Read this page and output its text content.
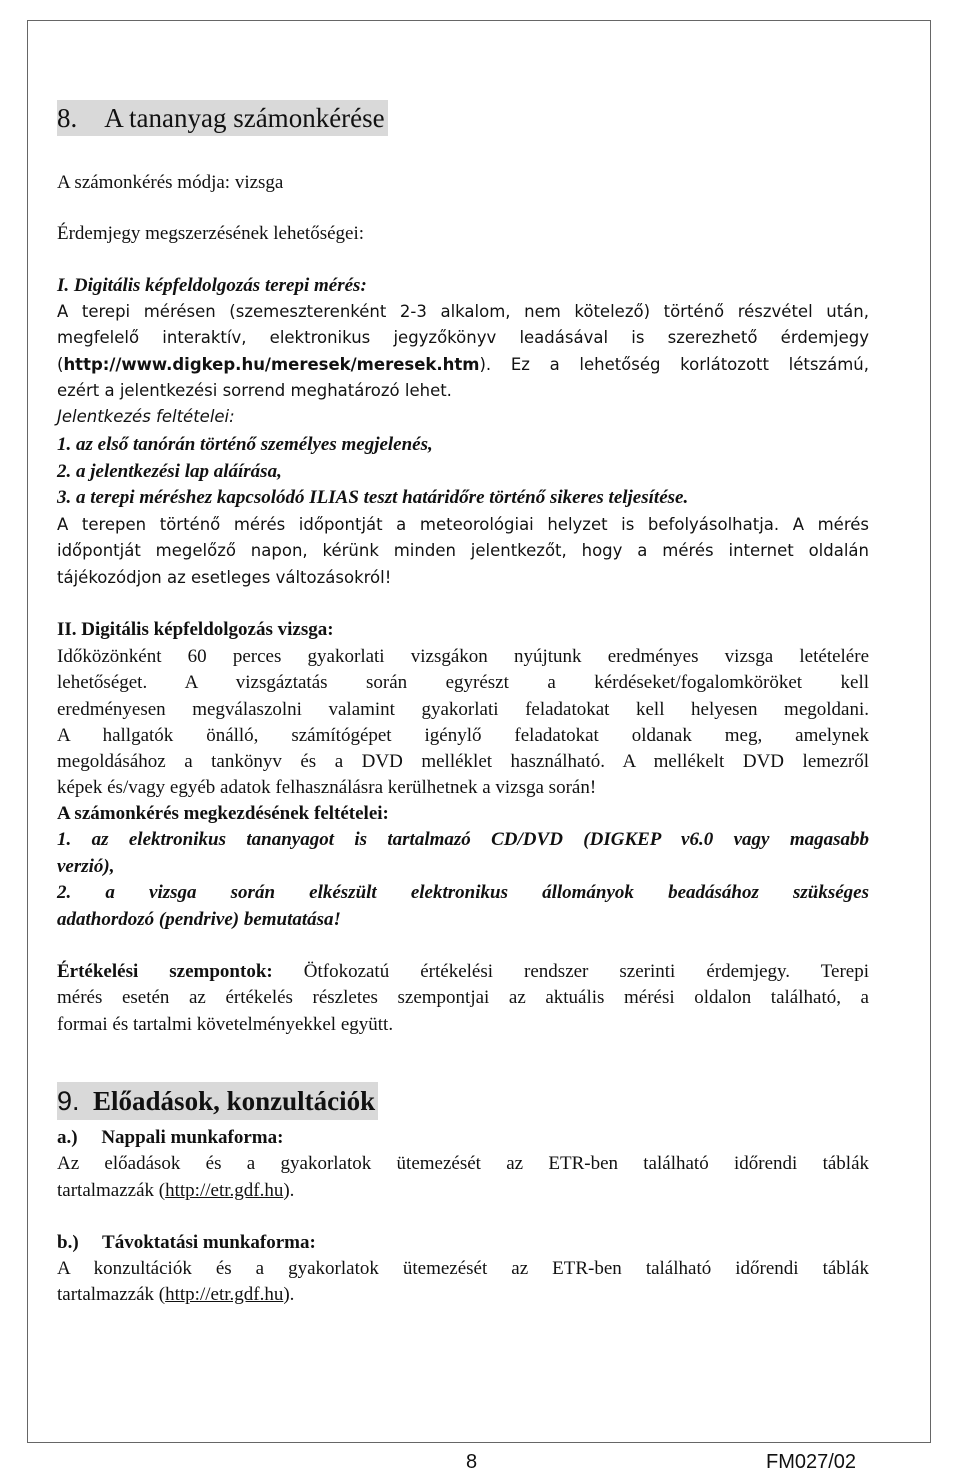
8. A tananyag számonkérése
A számonkérés módja: vizsga
Érdemjegy megszerzésének lehetőségei:
I. Digitális képfeldolgozás terepi mérés:
A terepi mérésen (szemeszterenként 2-3 alkalom, nem kötelező) történő részvétel után,
megfelelő interaktív, elektronikus jegyzőkönyv leadásával is szerezhető érdemjegy
(http://www.digkep.hu/meresek/meresek.htm). Ez a lehetőség korlátozott létszámú,
ezért a jelentkezési sorrend meghatározó lehet.
Jelentkezés feltételei:
1. az első tanórán történő személyes megjelenés,
2. a jelentkezési lap aláírása,
3. a terepi méréshez kapcsolódó ILIAS teszt határidőre történő sikeres teljesítése.
A terepen történő mérés időpontját a meteorológiai helyzet is befolyásolhatja. A mérés
időpontját megelőző napon, kérünk minden jelentkezőt, hogy a mérés internet oldalán
tájékozódjon az esetleges változásokról!
II. Digitális képfeldolgozás vizsga:
Időközönként 60 perces gyakorlati vizsgákon nyújtunk eredményes vizsga letételére
lehetőséget. A vizsgáztatás során egyrészt a kérdéseket/fogalomköröket kell
eredményesen megválaszolni valamint gyakorlati feladatokat kell helyesen megoldani.
A hallgatók önálló, számítógépet igénylő feladatokat oldanak meg, amelynek
megoldásához a tankönyv és a DVD melléklet használható. A mellékelt DVD lemezről
képek és/vagy egyéb adatok felhasználásra kerülhetnek a vizsga során!
A számonkérés megkezdésének feltételei:
1. az elektronikus tananyagot is tartalmazó CD/DVD (DIGKEP v6.0 vagy magasabb
verzió),
2. a vizsga során elkészült elektronikus állományok beadásához szükséges
adathordozó (pendrive) bemutatása!
Értékelési szempontok: Ötfokozatú értékelési rendszer szerinti érdemjegy. Terepi
mérés esetén az értékelés részletes szempontjai az aktuális mérési oldalon található, a
formai és tartalmi követelményekkel együtt.
9. Előadások, konzultációk
a.)  Nappali munkaforma:
Az előadások és a gyakorlatok ütemezését az ETR-ben található időrendi táblák
tartalmazzák (http://etr.gdf.hu).
b.)  Távoktatási munkaforma:
A konzultációk és a gyakorlatok ütemezését az ETR-ben található időrendi táblák
tartalmazzák (http://etr.gdf.hu).
8	FM027/02
